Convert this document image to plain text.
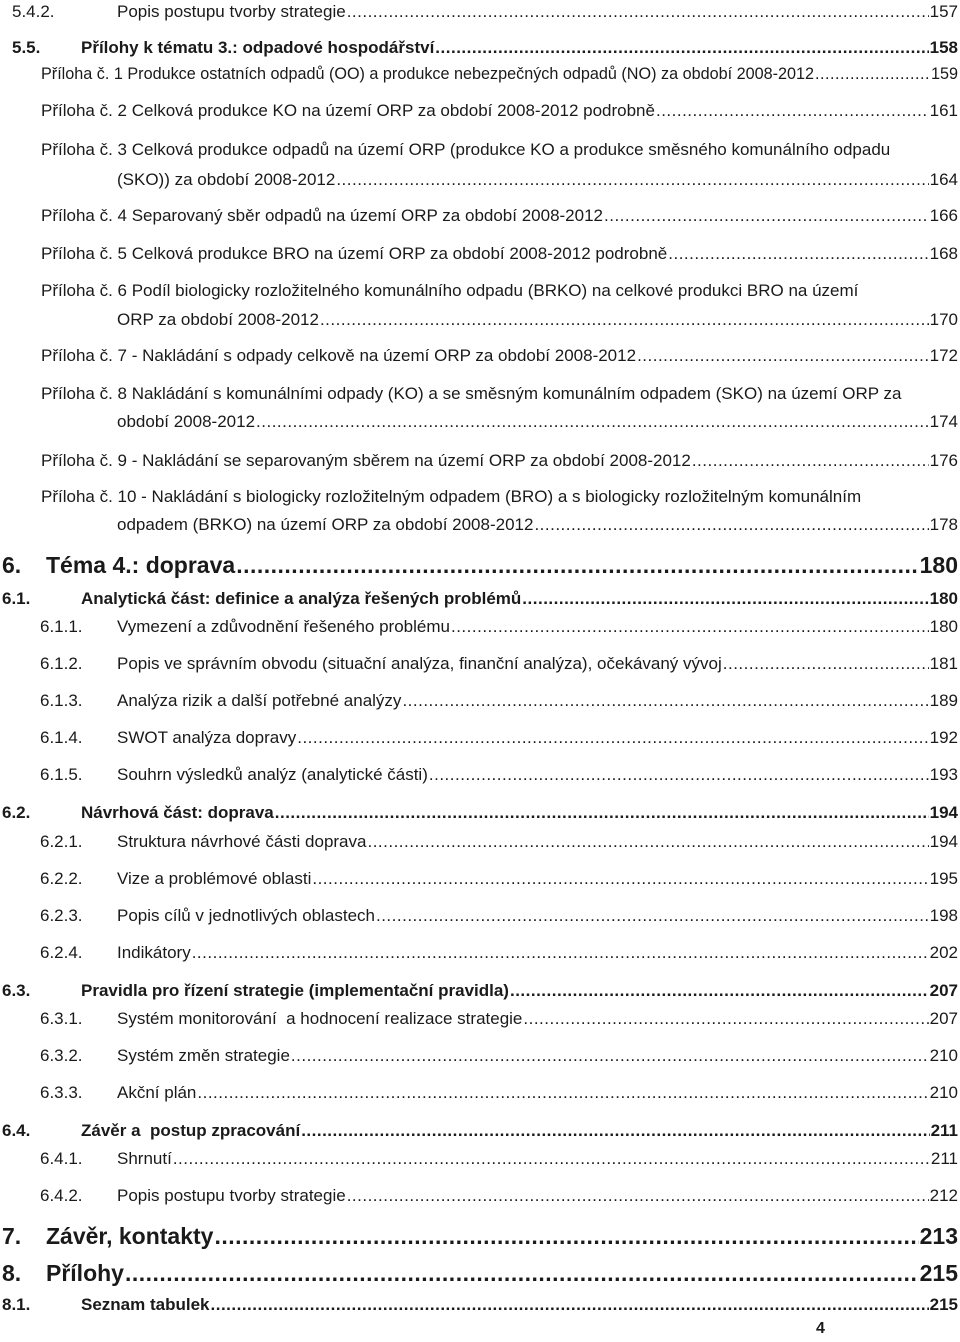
5.4.2.	Popis postupu tvorby strategie .....	157
5.5. Přílohy k tématu 3.: odpadové hospodářství .....	158
Příloha č. 1 Produkce ostatních odpadů (OO) a produkce nebezpečných odpadů (NO) za období 2008-2012 .....	159
Příloha č. 2 Celková produkce KO na území ORP za období 2008-2012 podrobně .....	161
Příloha č. 3 Celková produkce odpadů na území ORP (produkce KO a produkce směsného komunálního odpadu
(SKO)) za období 2008-2012 .....	164
Příloha č. 4 Separovaný sběr odpadů na území ORP za období 2008-2012 .....	166
Příloha č. 5 Celková produkce BRO na území ORP za období 2008-2012 podrobně .....	168
Příloha č. 6 Podíl biologicky rozložitelného komunálního odpadu (BRKO) na celkové produkci BRO na území
ORP za období 2008-2012 .....	170
Příloha č. 7 - Nakládání s odpady celkově na území ORP za období 2008-2012 .....	172
Příloha č. 8 Nakládání s komunálními odpady (KO) a se směsným komunálním odpadem (SKO) na území ORP za
období 2008-2012 .....	174
Příloha č. 9 - Nakládání se separovaným sběrem na území ORP za období 2008-2012 .....	176
Příloha č. 10 - Nakládání s biologicky rozložitelným odpadem (BRO) a s biologicky rozložitelným komunálním
odpadem (BRKO) na území ORP za období 2008-2012 .....	178
6. Téma 4.: doprava .....	180
6.1.	Analytická část: definice a analýza řešených problémů .....	180
6.1.1. Vymezení a zdůvodnění řešeného problému .....	180
6.1.2. Popis ve správním obvodu (situační analýza, finanční analýza), očekávaný vývoj .....	181
6.1.3. Analýza rizik a další potřebné analýzy .....	189
6.1.4. SWOT analýza dopravy .....	192
6.1.5. Souhrn výsledků analýz (analytické části) .....	193
6.2.	Návrhová část: doprava .....	194
6.2.1. Struktura návrhové části doprava .....	194
6.2.2. Vize a problémové oblasti .....	195
6.2.3. Popis cílů v jednotlivých oblastech .....	198
6.2.4. Indikátory .....	202
6.3.	Pravidla pro řízení strategie (implementační pravidla) .....	207
6.3.1. Systém monitorování  a hodnocení realizace strategie .....	207
6.3.2. Systém změn strategie .....	210
6.3.3. Akční plán .....	210
6.4.	Závěr a  postup zpracování .....	211
6.4.1. Shrnutí .....	211
6.4.2. Popis postupu tvorby strategie .....	212
7. Závěr, kontakty .....	213
8. Přílohy .....	215
8.1.	Seznam tabulek .....	215
4
